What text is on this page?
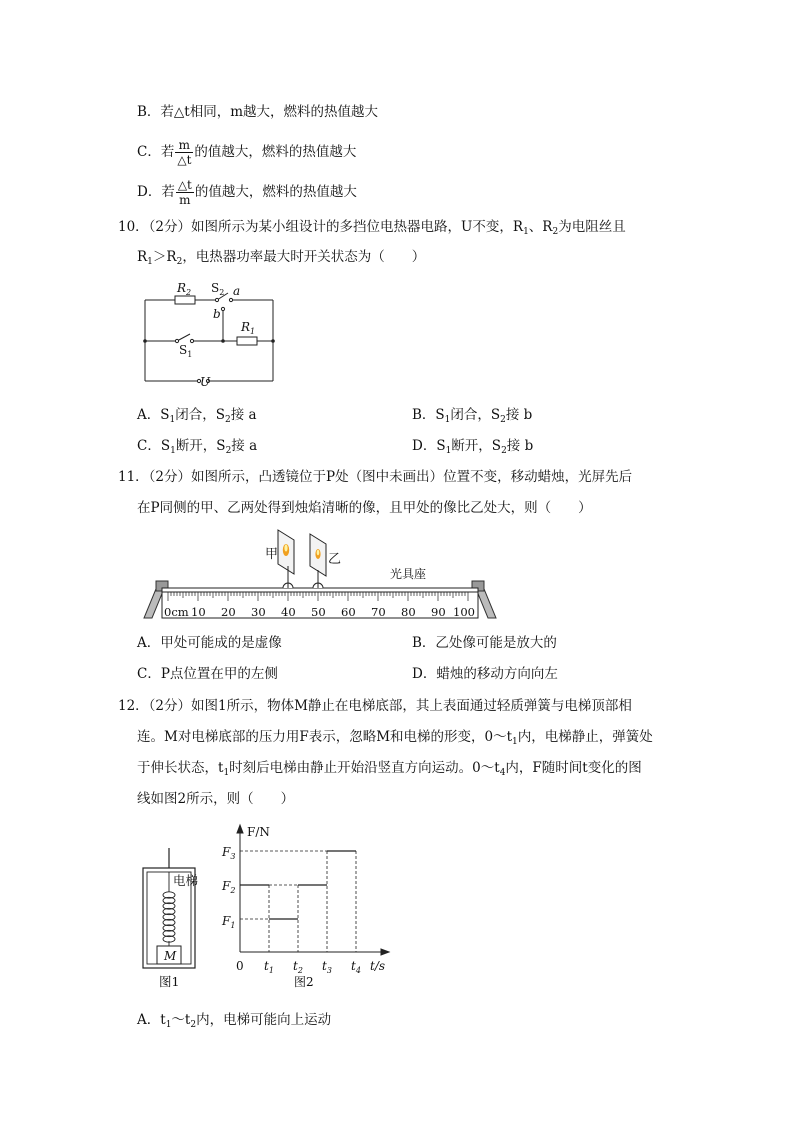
B．若△t相同，m越大，燃料的热值越大
C．若 $\frac{m}{\triangle t}$ 的值越大，燃料的热值越大
D．若 $\frac{\triangle t}{m}$ 的值越大，燃料的热值越大
10．（2分）如图所示为某小组设计的多挡位电热器电路，U不变，$R_1$、$R_2$为电阻丝且
$R_1>R_2$，电热器功率最大时开关状态为（　　）
$R_2$ $S_2$ a
b
$R_1$
$S_1$
U
A．$S_1$闭合，$S_2$接 a	B．$S_1$闭合，$S_2$接 b
C．$S_1$断开，$S_2$接 a	D．$S_1$断开，$S_2$接 b
11．（2分）如图所示，凸透镜位于P处（图中未画出）位置不变，移动蜡烛，光屏先后
在P同侧的甲、乙两处得到烛焰清晰的像，且甲处的像比乙处大，则（　　）
0cm 10 20 30 40 50 60 70 80 90 100
甲	乙
光具座
A．甲处可能成的是虚像	B．乙处像可能是放大的
C．P点位置在甲的左侧	D．蜡烛的移动方向向左
12．（2分）如图1所示，物体M静止在电梯底部，其上表面通过轻质弹簧与电梯顶部相
连。M对电梯底部的压力用F表示，忽略M和电梯的形变，$0\sim t_1$内，电梯静止，弹簧处
于伸长状态，$t_1$时刻后电梯由静止开始沿竖直方向运动。$0\sim t_4$内，F随时间t变化的图
线如图2所示，则（　　）
M
电梯
图1
F/N
0	t/s
$F_1$
$F_2$
$F_3$
$t_1$ $t_2$ $t_3$ $t_4$
图2
A．$t_1\sim t_2$内，电梯可能向上运动
